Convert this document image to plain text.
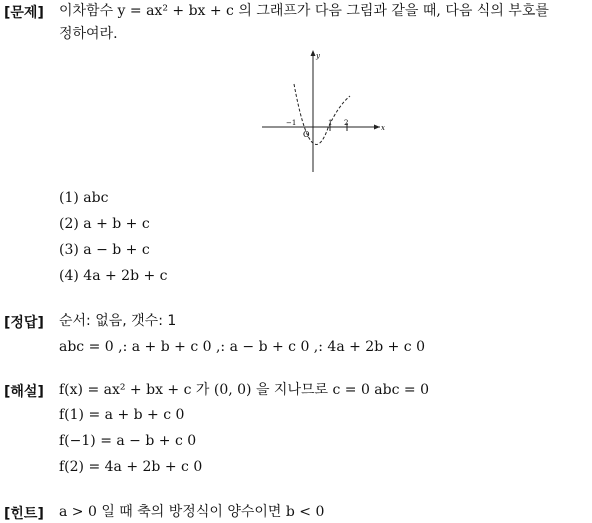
[문제] 이차함수 y = ax² + bx + c 의 그래프가 다음 그림과 같을 때, 다음 식의 부호를
정하여라.
y
x
O
−1	1 2
(1) abc
(2) a + b + c
(3) a − b + c
(4) 4a + 2b + c
[정답] 순서: 없음, 갯수: 1
abc = 0 ,: a + b + c 0 ,: a − b + c 0 ,: 4a + 2b + c 0
[해설] f(x) = ax² + bx + c 가 (0, 0) 을 지나므로 c = 0 abc = 0
f(1) = a + b + c 0
f(−1) = a − b + c 0
f(2) = 4a + 2b + c 0
[힌트] a > 0 일 때 축의 방정식이 양수이면 b < 0
